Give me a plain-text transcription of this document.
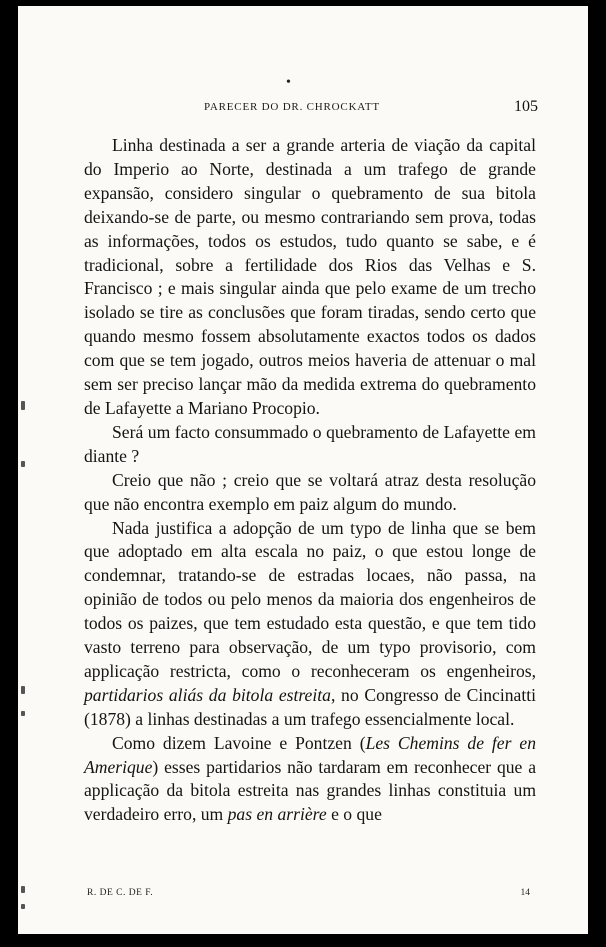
•
PARECER DO DR. CHROCKATT	105

Linha destinada a ser a grande arteria de viação da capital do Imperio ao Norte, destinada a um trafego de grande expansão, considero singular o quebramento de sua bitola deixando-se de parte, ou mesmo contrariando sem prova, todas as informações, todos os estudos, tudo quanto se sabe, e é tradicional, sobre a fertilidade dos Rios das Velhas e S. Francisco ; e mais singular ainda que pelo exame de um trecho isolado se tire as conclusões que foram tiradas, sendo certo que quando mesmo fossem absolutamente exactos todos os dados com que se tem jogado, outros meios haveria de attenuar o mal sem ser preciso lançar mão da medida extrema do quebramento de Lafayette a Mariano Procopio.

Será um facto consummado o quebramento de Lafayette em diante ?

Creio que não ; creio que se voltará atraz desta resolução que não encontra exemplo em paiz algum do mundo.

Nada justifica a adopção de um typo de linha que se bem que adoptado em alta escala no paiz, o que estou longe de condemnar, tratando-se de estradas locaes, não passa, na opinião de todos ou pelo menos da maioria dos engenheiros de todos os paizes, que tem estudado esta questão, e que tem tido vasto terreno para observação, de um typo provisorio, com applicação restricta, como o reconheceram os engenheiros, partidarios aliás da bitola estreita, no Congresso de Cincinatti (1878) a linhas destinadas a um trafego essencialmente local.

Como dizem Lavoine e Pontzen (Les Chemins de fer en Amerique) esses partidarios não tardaram em reconhecer que a applicação da bitola estreita nas grandes linhas constituia um verdadeiro erro, um pas en arrière e o que

R. DE C. DE F.	14
